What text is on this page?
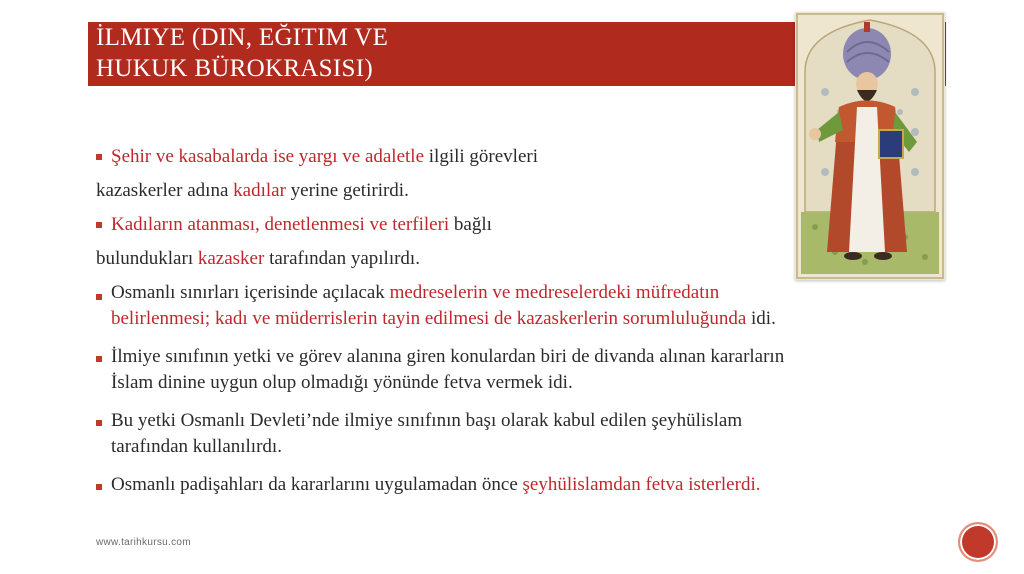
İLMIYE (DIN, EĞITIM VE
HUKUK BÜROKRASISI)
Şehir ve kasabalarda ise yargı ve adaletle ilgili görevleri
kazaskerler adına kadılar yerine getirirdi.
Kadıların atanması, denetlenmesi ve terfileri bağlı
bulundukları kazasker tarafından yapılırdı.
Osmanlı sınırları içerisinde açılacak medreselerin ve medreselerdeki müfredatın
belirlenmesi; kadı ve müderrislerin tayin edilmesi de kazaskerlerin sorumluluğunda idi.
İlmiye sınıfının yetki ve görev alanına giren konulardan biri de divanda alınan kararların
İslam dinine uygun olup olmadığı yönünde fetva vermek idi.
Bu yetki Osmanlı Devleti’nde ilmiye sınıfının başı olarak kabul edilen şeyhülislam
tarafından kullanılırdı.
Osmanlı padişahları da kararlarını uygulamadan önce şeyhülislamdan fetva isterlerdi.
www.tarihkursu.com
